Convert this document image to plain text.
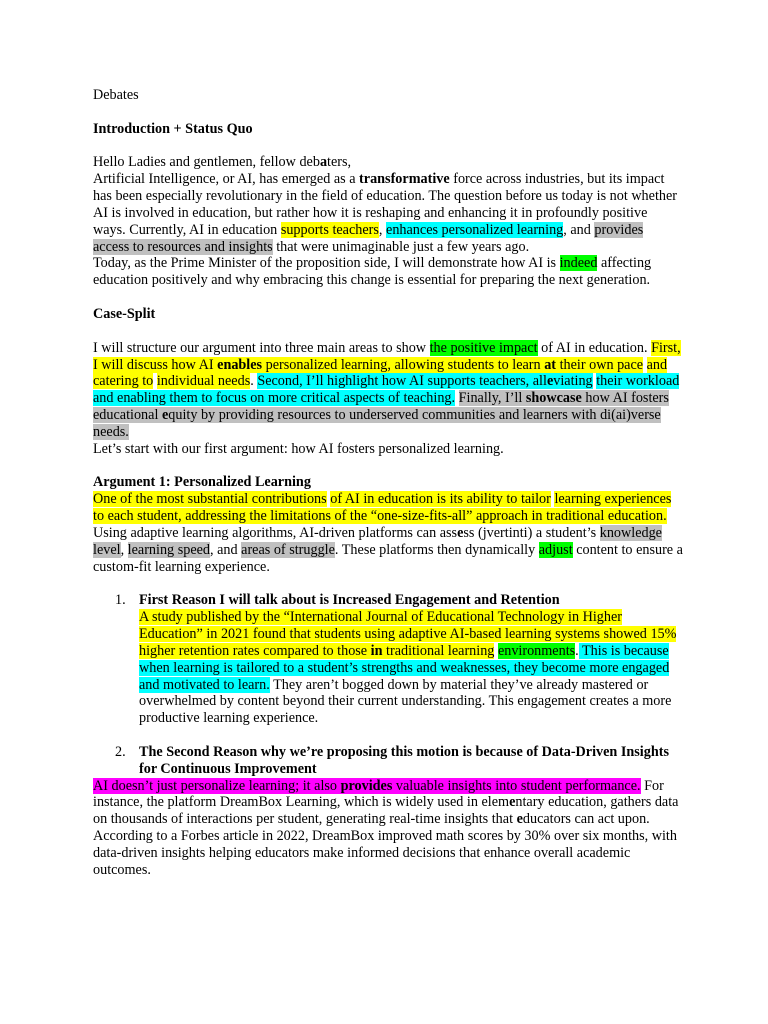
Debates

Introduction + Status Quo

Hello Ladies and gentlemen, fellow debaters,

Artificial Intelligence, or AI, has emerged as a transformative force across industries, but its impact has been especially revolutionary in the field of education. The question before us today is not whether AI is involved in education, but rather how it is reshaping and enhancing it in profoundly positive ways. Currently, AI in education supports teachers, enhances personalized learning, and provides access to resources and insights that were unimaginable just a few years ago.

Today, as the Prime Minister of the proposition side, I will demonstrate how AI is indeed affecting education positively and why embracing this change is essential for preparing the next generation.

Case-Split

I will structure our argument into three main areas to show the positive impact of AI in education. First, I will discuss how AI enables personalized learning, allowing students to learn at their own pace and catering to individual needs. Second, I’ll highlight how AI supports teachers, alleviating their workload and enabling them to focus on more critical aspects of teaching. Finally, I’ll showcase how AI fosters educational equity by providing resources to underserved communities and learners with di(ai)verse needs.

Let’s start with our first argument: how AI fosters personalized learning.

Argument 1: Personalized Learning

One of the most substantial contributions of AI in education is its ability to tailor learning experiences to each student, addressing the limitations of the “one-size-fits-all” approach in traditional education. Using adaptive learning algorithms, AI-driven platforms can assess (jvertinti) a student’s knowledge level, learning speed, and areas of struggle. These platforms then dynamically adjust content to ensure a custom-fit learning experience.

1. First Reason I will talk about is Increased Engagement and Retention

A study published by the “International Journal of Educational Technology in Higher Education” in 2021 found that students using adaptive AI-based learning systems showed 15% higher retention rates compared to those in traditional learning environments. This is because when learning is tailored to a student’s strengths and weaknesses, they become more engaged and motivated to learn. They aren’t bogged down by material they’ve already mastered or overwhelmed by content beyond their current understanding. This engagement creates a more productive learning experience.

2. The Second Reason why we’re proposing this motion is because of Data-Driven Insights for Continuous Improvement

AI doesn’t just personalize learning; it also provides valuable insights into student performance. For instance, the platform DreamBox Learning, which is widely used in elementary education, gathers data on thousands of interactions per student, generating real-time insights that educators can act upon. According to a Forbes article in 2022, DreamBox improved math scores by 30% over six months, with data-driven insights helping educators make informed decisions that enhance overall academic outcomes.
